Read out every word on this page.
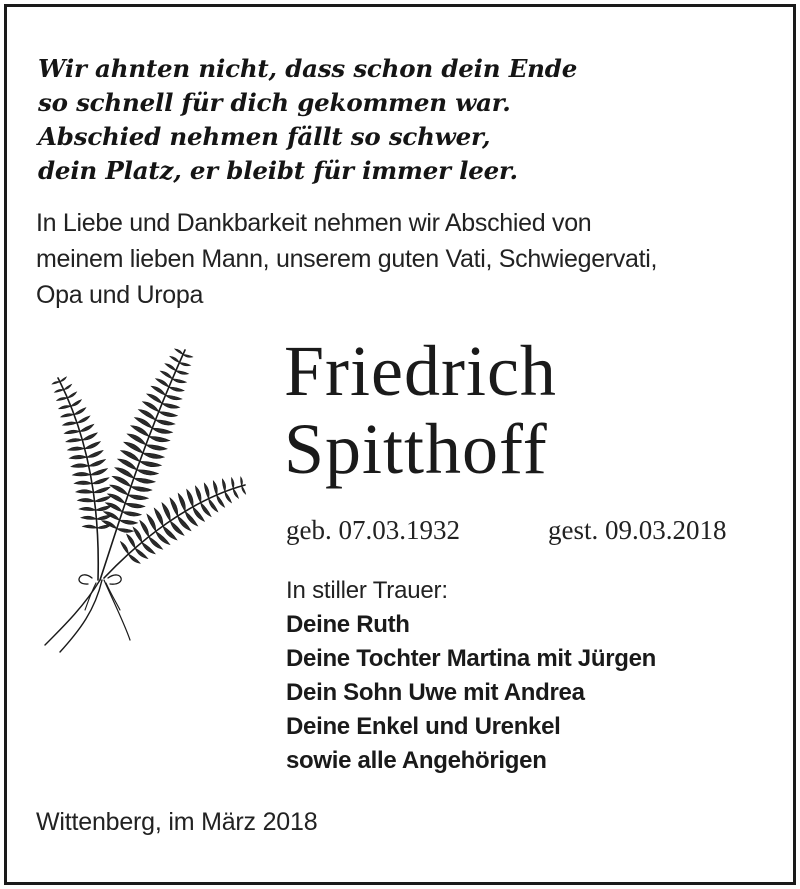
Wir ahnten nicht, dass schon dein Ende
so schnell für dich gekommen war.
Abschied nehmen fällt so schwer,
dein Platz, er bleibt für immer leer.
In Liebe und Dankbarkeit nehmen wir Abschied von
meinem lieben Mann, unserem guten Vati, Schwiegervati,
Opa und Uropa
Friedrich
Spitthoff
geb. 07.03.1932	gest. 09.03.2018
In stiller Trauer:
Deine Ruth
Deine Tochter Martina mit Jürgen
Dein Sohn Uwe mit Andrea
Deine Enkel und Urenkel
sowie alle Angehörigen
Wittenberg, im März 2018
